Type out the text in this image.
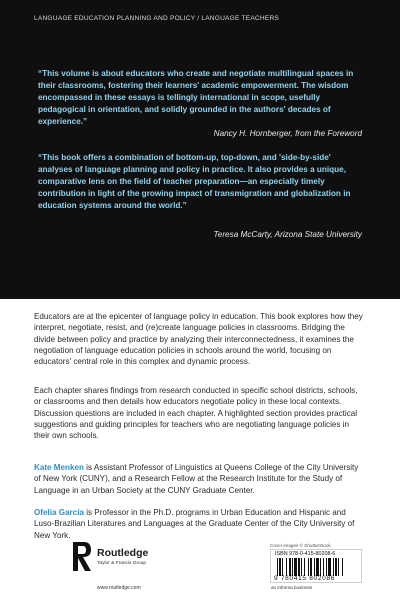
LANGUAGE EDUCATION PLANNING AND POLICY / LANGUAGE TEACHERS

“This volume is about educators who create and negotiate multilingual spaces in their classrooms, fostering their learners' academic empowerment. The wisdom encompassed in these essays is tellingly international in scope, usefully pedagogical in orientation, and solidly grounded in the authors' decades of experience.”

Nancy H. Hornberger, from the Foreword

“This book offers a combination of bottom-up, top-down, and 'side-by-side' analyses of language planning and policy in practice. It also provides a unique, comparative lens on the field of teacher preparation—an especially timely contribution in light of the growing impact of transmigration and globalization in education systems around the world.”

Teresa McCarty, Arizona State University

Educators are at the epicenter of language policy in education. This book explores how they interpret, negotiate, resist, and (re)create language policies in classrooms. Bridging the divide between policy and practice by analyzing their interconnectedness, it examines the negotiation of language education policies in schools around the world, focusing on educators' central role in this complex and dynamic process.

Each chapter shares findings from research conducted in specific school districts, schools, or classrooms and then details how educators negotiate policy in these local contexts. Discussion questions are included in each chapter. A highlighted section provides practical suggestions and guiding principles for teachers who are negotiating language policies in their own schools.

Kate Menken is Assistant Professor of Linguistics at Queens College of the City University of New York (CUNY), and a Research Fellow at the Research Institute for the Study of Language in an Urban Society at the CUNY Graduate Center.

Ofelia García is Professor in the Ph.D. programs in Urban Education and Hispanic and Luso-Brazilian Literatures and Languages at the Graduate Center of the City University of New York.

Cover images © ShutterStock
Routledge
Taylor & Francis Group
www.routledge.com
ISBN 978-0-415-80208-6
9 780415 802086
an informa business
